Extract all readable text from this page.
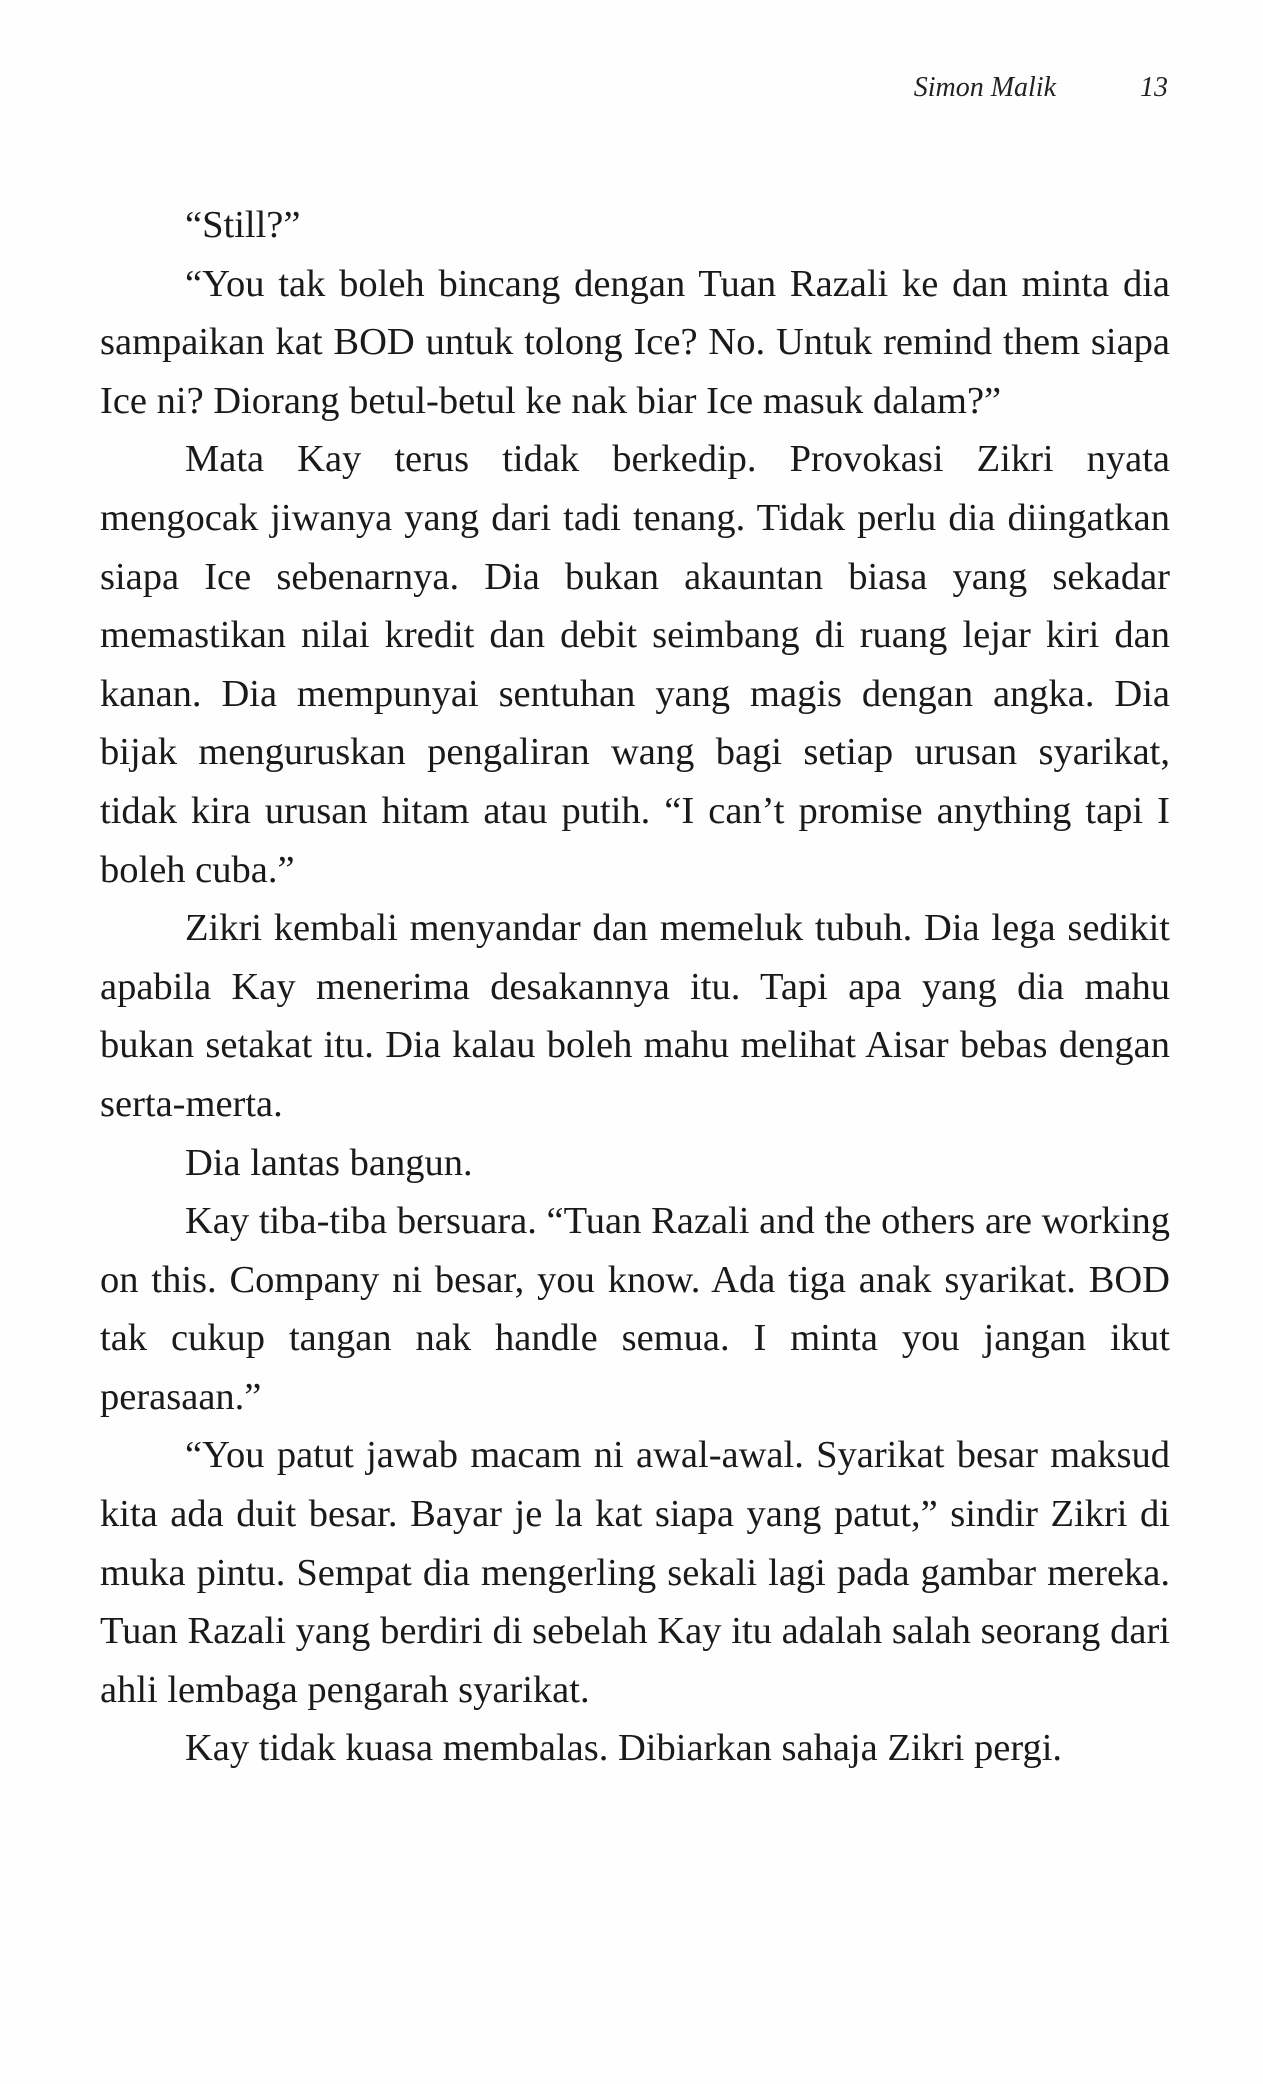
Simon Malik	13

“Still?”

“You tak boleh bincang dengan Tuan Razali ke dan minta dia sampaikan kat BOD untuk tolong Ice? No. Untuk remind them siapa Ice ni? Diorang betul-betul ke nak biar Ice masuk dalam?”

Mata Kay terus tidak berkedip. Provokasi Zikri nyata mengocak jiwanya yang dari tadi tenang. Tidak perlu dia diingatkan siapa Ice sebenarnya. Dia bukan akauntan biasa yang sekadar memastikan nilai kredit dan debit seimbang di ruang lejar kiri dan kanan. Dia mempunyai sentuhan yang magis dengan angka. Dia bijak menguruskan pengaliran wang bagi setiap urusan syarikat, tidak kira urusan hitam atau putih. “I can’t promise anything tapi I boleh cuba.”

Zikri kembali menyandar dan memeluk tubuh. Dia lega sedikit apabila Kay menerima desakannya itu. Tapi apa yang dia mahu bukan setakat itu. Dia kalau boleh mahu melihat Aisar bebas dengan serta-merta.

Dia lantas bangun.

Kay tiba-tiba bersuara. “Tuan Razali and the others are working on this. Company ni besar, you know. Ada tiga anak syarikat. BOD tak cukup tangan nak handle semua. I minta you jangan ikut perasaan.”

“You patut jawab macam ni awal-awal. Syarikat besar maksud kita ada duit besar. Bayar je la kat siapa yang patut,” sindir Zikri di muka pintu. Sempat dia mengerling sekali lagi pada gambar mereka. Tuan Razali yang berdiri di sebelah Kay itu adalah salah seorang dari ahli lembaga pengarah syarikat.

Kay tidak kuasa membalas. Dibiarkan sahaja Zikri pergi.
